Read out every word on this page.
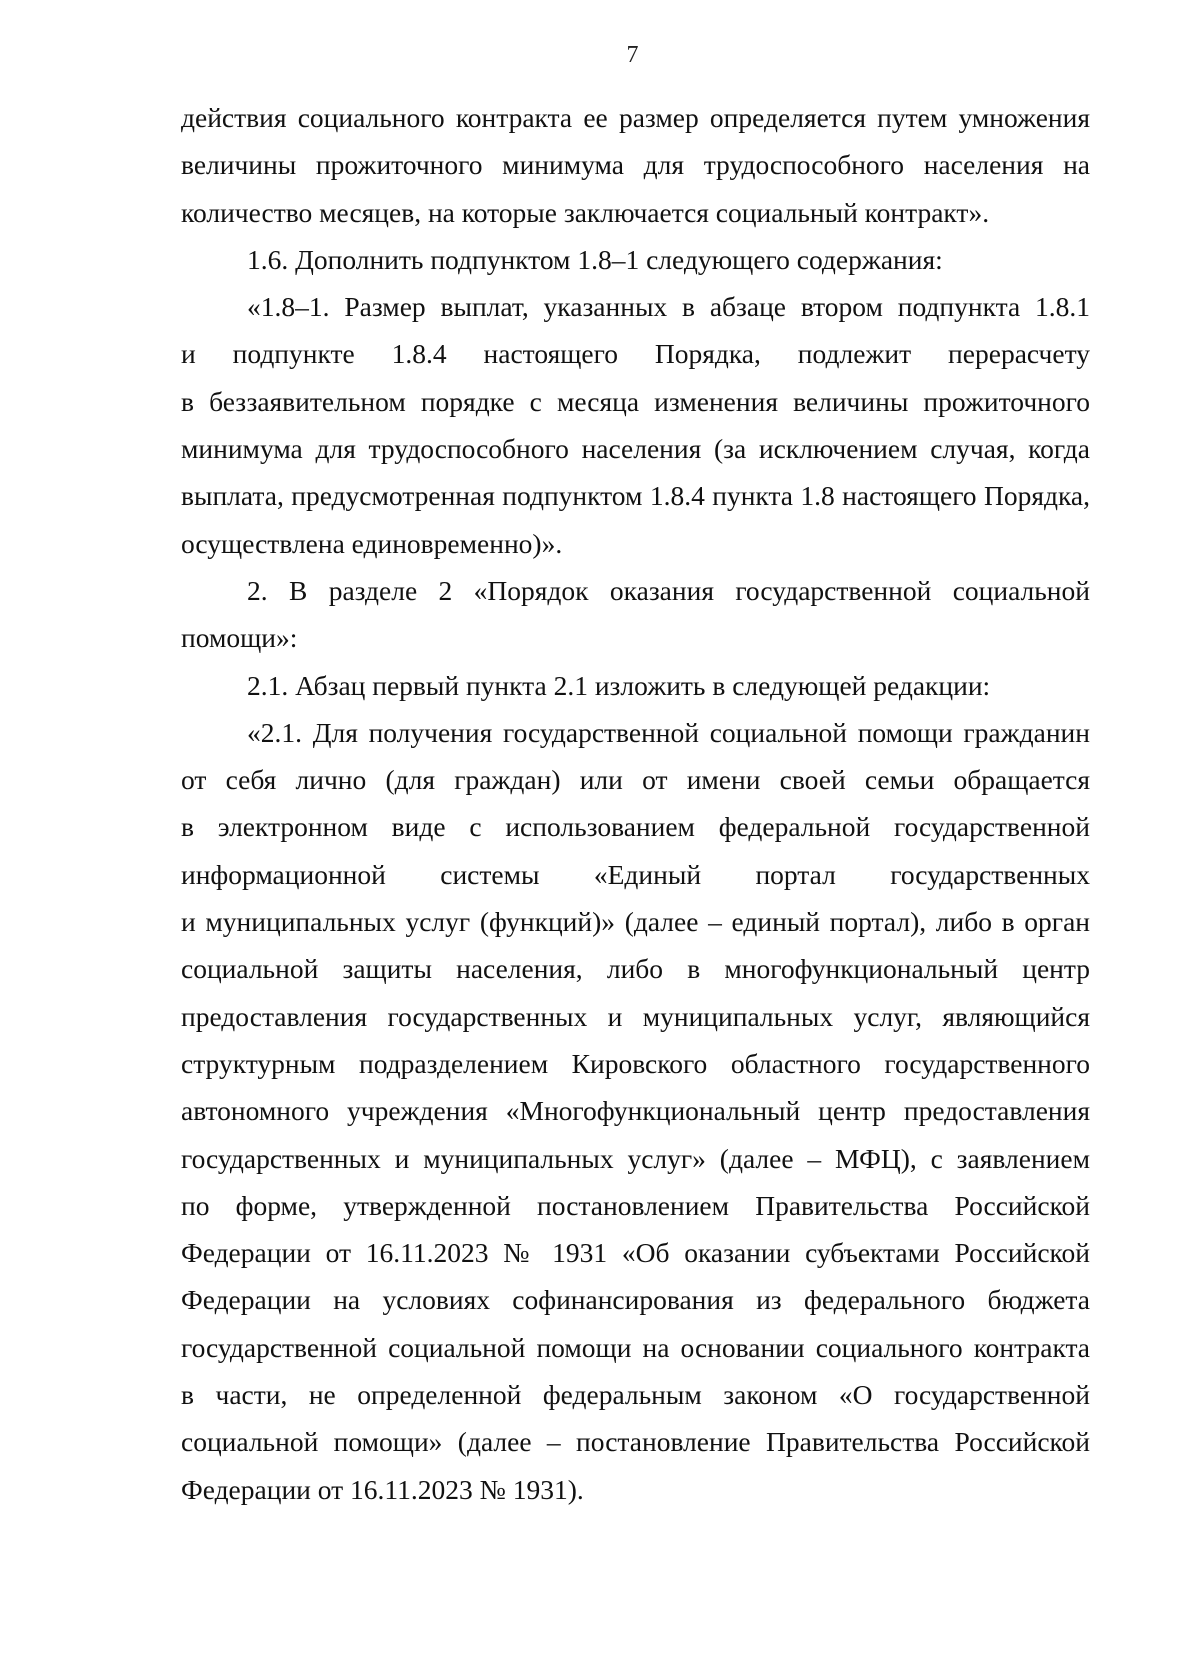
7
действия социального контракта ее размер определяется путем умножения
величины прожиточного минимума для трудоспособного населения на
количество месяцев, на которые заключается социальный контракт».
1.6. Дополнить подпунктом 1.8–1 следующего содержания:
«1.8–1. Размер выплат, указанных в абзаце втором подпункта 1.8.1
и подпункте 1.8.4 настоящего Порядка, подлежит перерасчету
в беззаявительном порядке с месяца изменения величины прожиточного
минимума для трудоспособного населения (за исключением случая, когда
выплата, предусмотренная подпунктом 1.8.4 пункта 1.8 настоящего Порядка,
осуществлена единовременно)».
2. В разделе 2 «Порядок оказания государственной социальной
помощи»:
2.1. Абзац первый пункта 2.1 изложить в следующей редакции:
«2.1. Для получения государственной социальной помощи гражданин
от себя лично (для граждан) или от имени своей семьи обращается
в электронном виде с использованием федеральной государственной
информационной системы «Единый портал государственных
и муниципальных услуг (функций)» (далее – единый портал), либо в орган
социальной защиты населения, либо в многофункциональный центр
предоставления государственных и муниципальных услуг, являющийся
структурным подразделением Кировского областного государственного
автономного учреждения «Многофункциональный центр предоставления
государственных и муниципальных услуг» (далее – МФЦ), с заявлением
по форме, утвержденной постановлением Правительства Российской
Федерации от 16.11.2023 № 1931 «Об оказании субъектами Российской
Федерации на условиях софинансирования из федерального бюджета
государственной социальной помощи на основании социального контракта
в части, не определенной федеральным законом «О государственной
социальной помощи» (далее – постановление Правительства Российской
Федерации от 16.11.2023 № 1931).
